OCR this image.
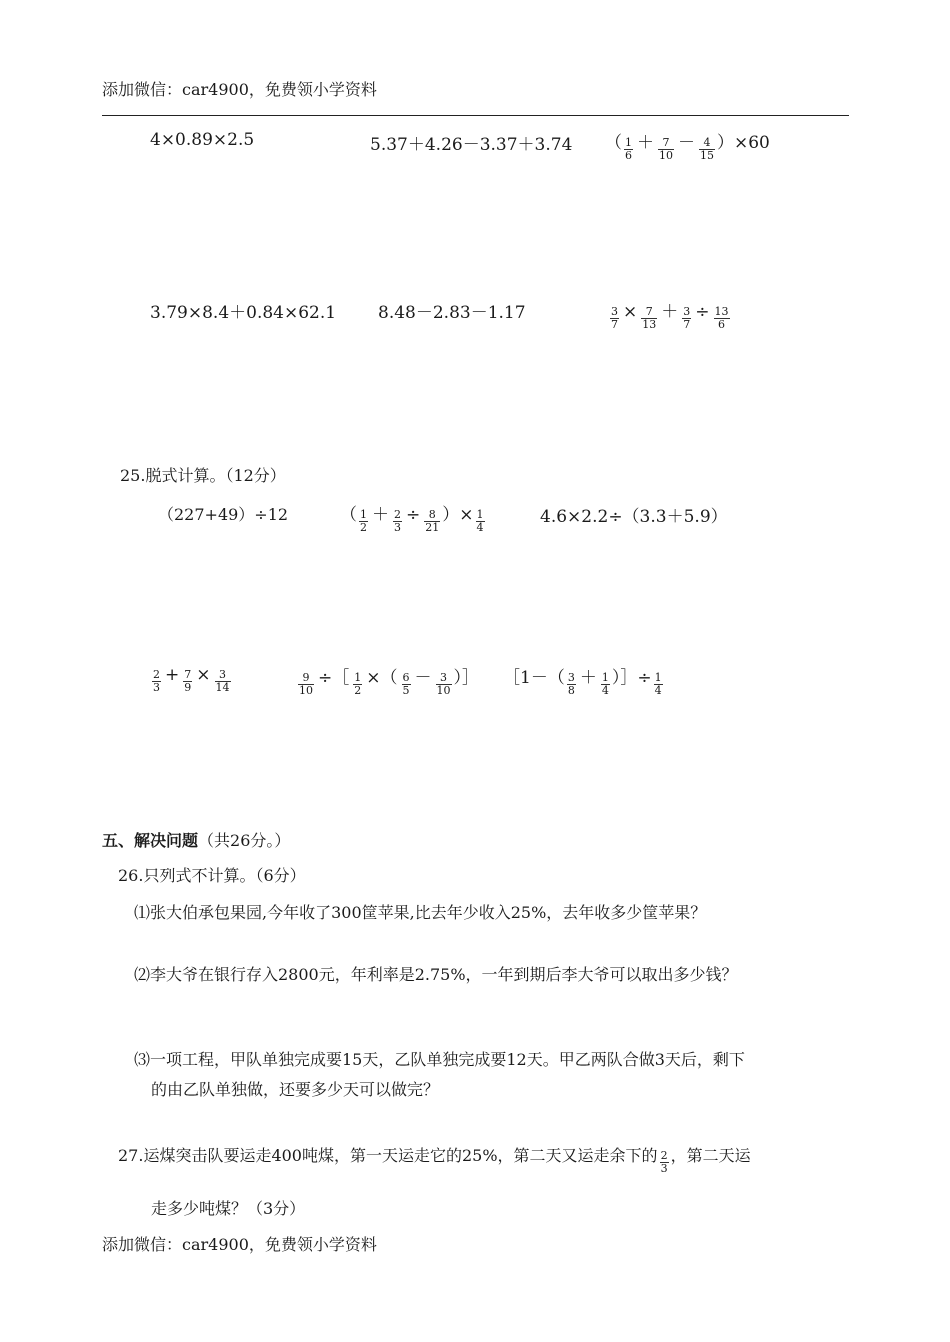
添加微信：car4900，免费领小学资料
4×0.89×2.5	5.37＋4.26－3.37＋3.74 （ $\frac{1}{6} + \frac{7}{10} - \frac{4}{15} )\times 60$
3.79×8.4＋0.84×62.1 8.48－2.83－1.17	$\frac{3}{7} \times \frac{7}{13} + \frac{3}{7} \div \frac{13}{6}$
25.脱式计算。（12分）
（227+49）÷12	（ $\frac{1}{2} + \frac{2}{3} \div \frac{8}{21}$ ）× $\frac{1}{4}$	4.6×2.2÷（3.3＋5.9）
$\frac{2}{3} + \frac{7}{9} \times \frac{3}{14}$	$\frac{9}{10}$ ÷［ $\frac{1}{2}$ ×（ $\frac{6}{5} - \frac{3}{10}$ ）］ ［1－（ $\frac{3}{8} + \frac{1}{4}$ ）］÷ $\frac{1}{4}$
五、解决问题（共26分。）
26.只列式不计算。（6分）
⑴张大伯承包果园,今年收了300筐苹果,比去年少收入25%，去年收多少筐苹果？
⑵李大爷在银行存入2800元，年利率是2.75%，一年到期后李大爷可以取出多少钱？
⑶一项工程，甲队单独完成要15天，乙队单独完成要12天。甲乙两队合做3天后，剩下
的由乙队单独做，还要多少天可以做完？
27.运煤突击队要运走400吨煤，第一天运走它的25%，第二天又运走余下的 $\frac{2}{3}$ ，第二天运
走多少吨煤？（3分）
添加微信：car4900，免费领小学资料
